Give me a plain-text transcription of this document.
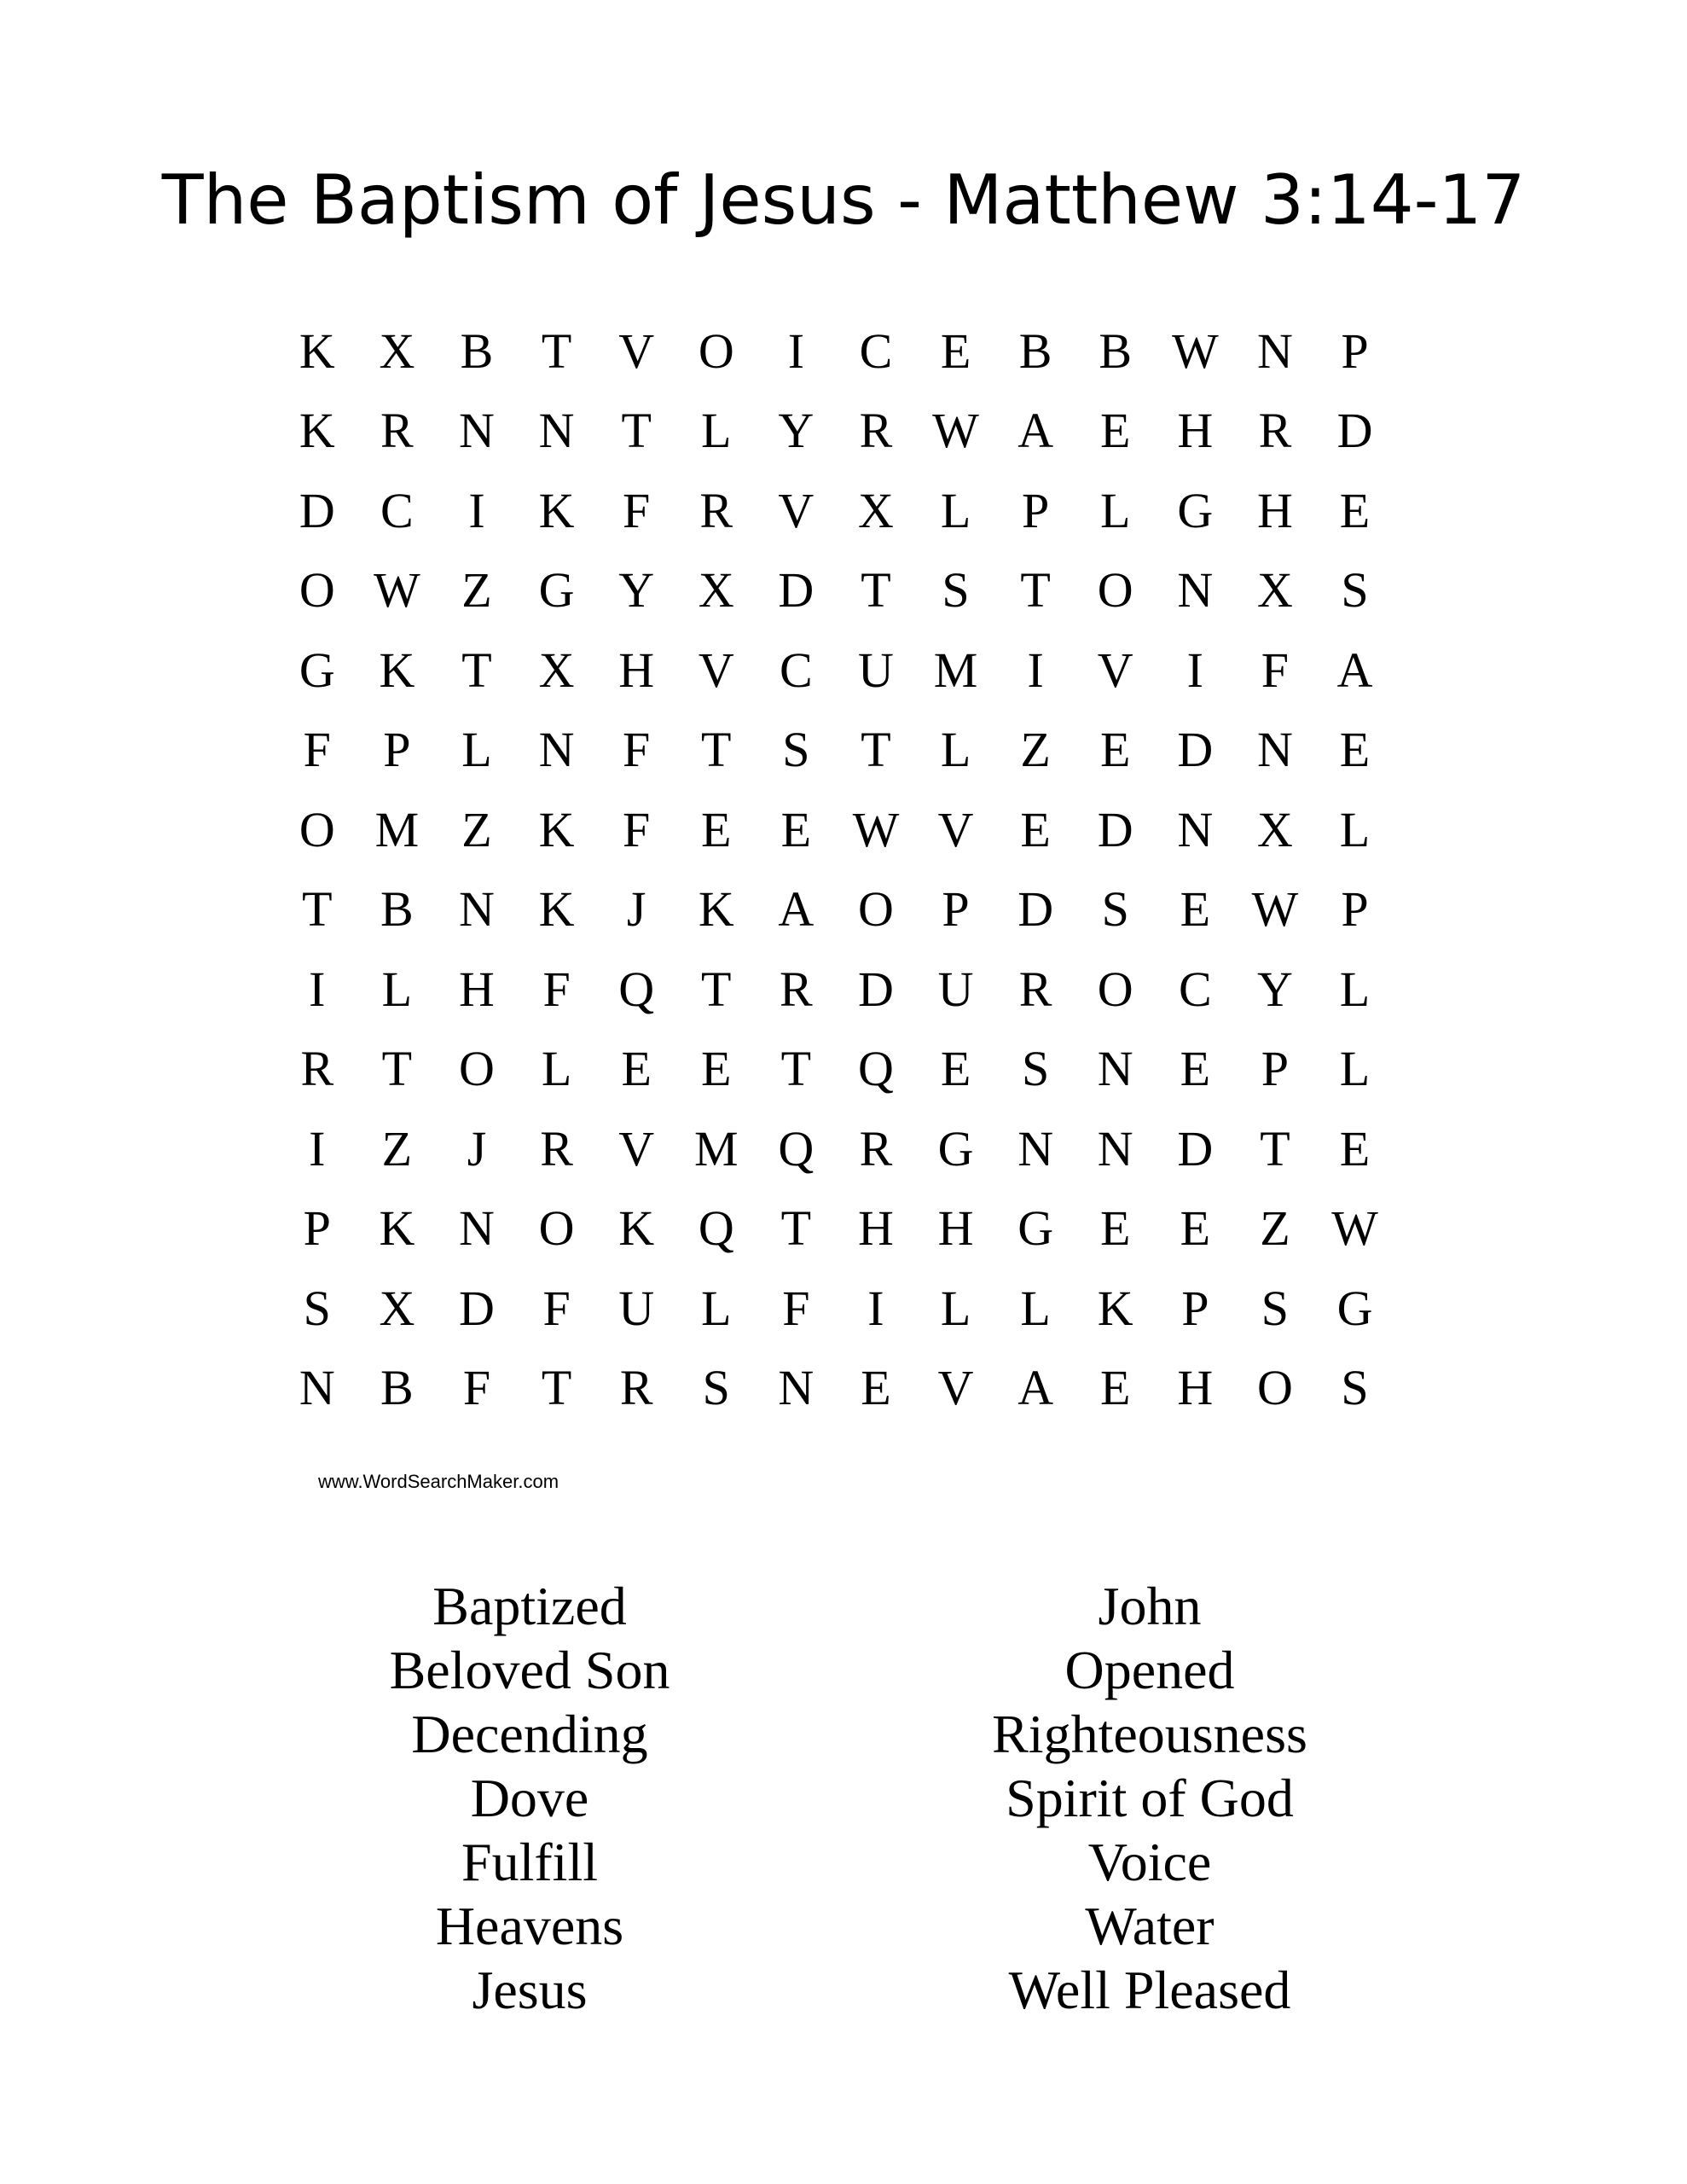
The Baptism of Jesus - Matthew 3:14-17
K X B T V O	I	C E B B W N P
K R N N T	L Y R W A E H R D
D C	I	K F	R V X L	P	L G H E
O W Z G Y X D T	S	T O N X S
G K T X H V C U M	I	V	I	F A
F	P	L N F	T	S	T	L	Z	E D N E
O M Z K F	E	E W V E D N X L
T B N K	J	K A O P D S	E W P
I	L H F Q T R D U R O C Y L
R T O L	E	E	T Q E	S N E	P	L
I	Z	J	R V M Q R G N N D T	E
P K N O K Q T H H G E	E	Z W
S X D F U L	F	I	L	L K P	S G
N B	F	T R	S N E V A E H O S
www.WordSearchMaker.com
Baptized
Beloved Son
Decending
Dove
Fulfill
Heavens
Jesus
John
Opened
Righteousness
Spirit of God
Voice
Water
Well Pleased
